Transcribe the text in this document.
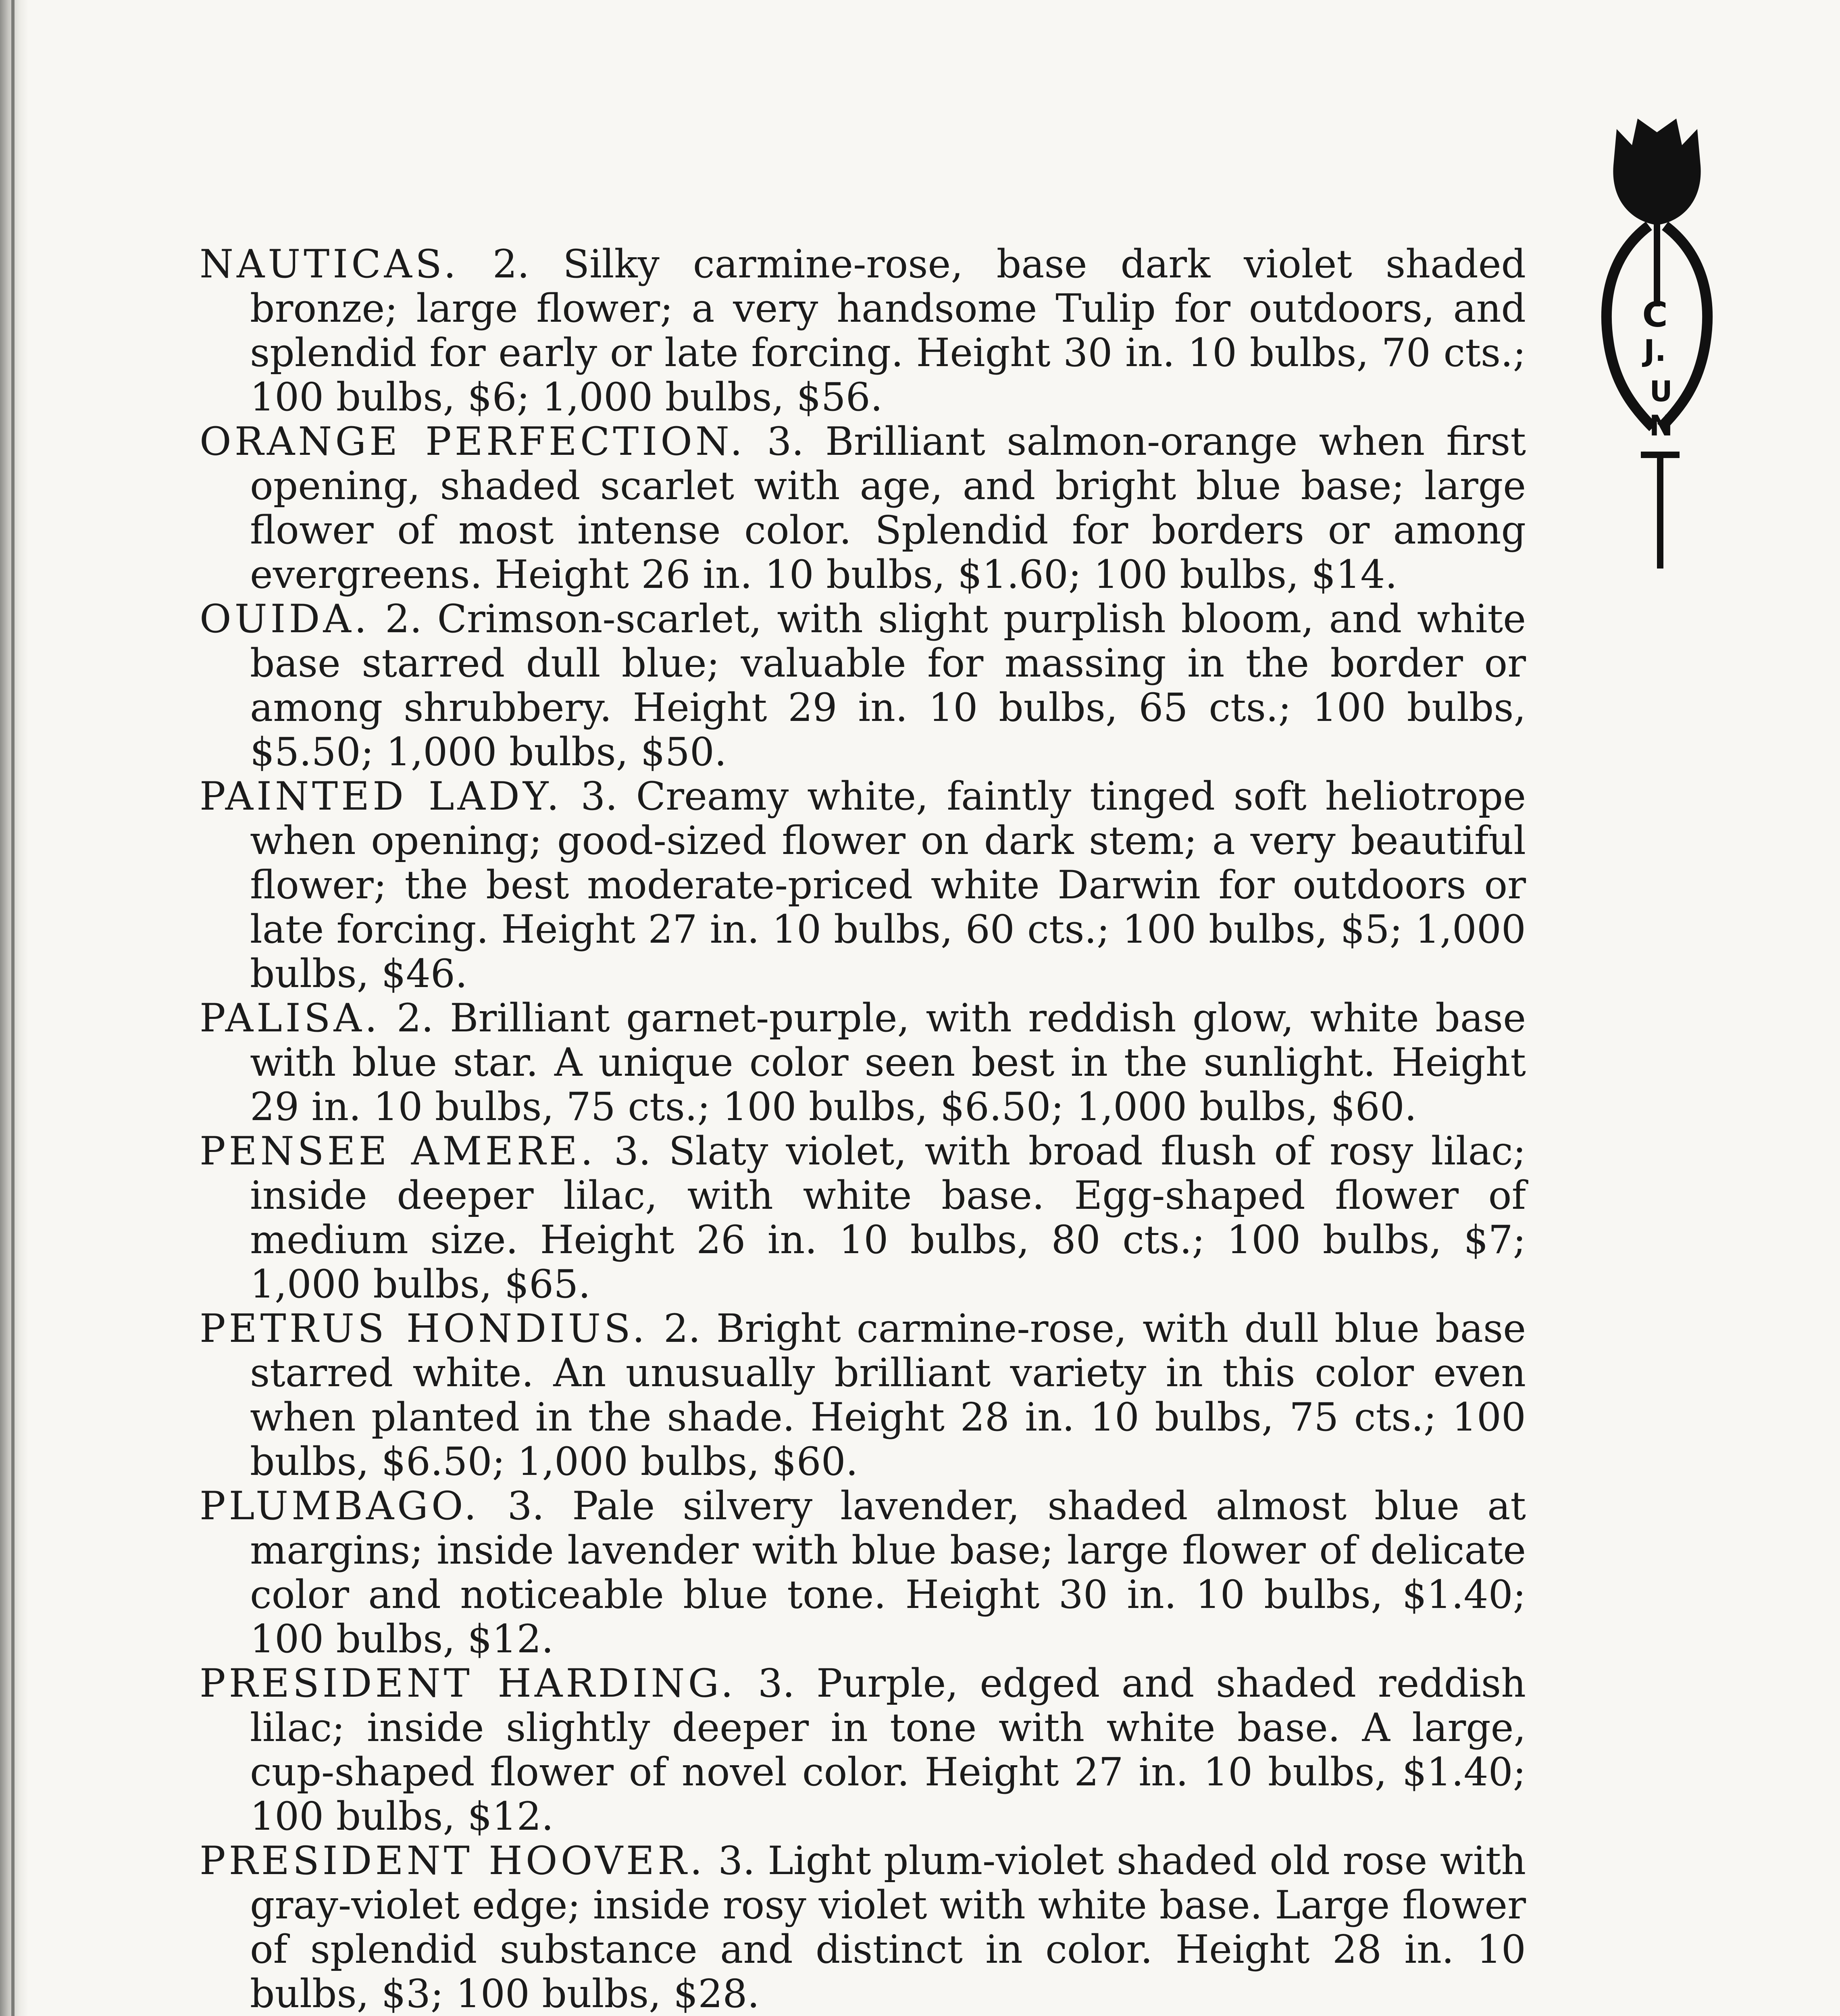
C
J.
U
N

NAUTICAS. 2. Silky carmine-rose, base dark violet shaded bronze; large flower; a very handsome Tulip for outdoors, and splendid for early or late forcing. Height 30 in. 10 bulbs, 70 cts.; 100 bulbs, $6; 1,000 bulbs, $56.

ORANGE PERFECTION. 3. Brilliant salmon-orange when first opening, shaded scarlet with age, and bright blue base; large flower of most intense color. Splendid for borders or among evergreens. Height 26 in. 10 bulbs, $1.60; 100 bulbs, $14.

OUIDA. 2. Crimson-scarlet, with slight purplish bloom, and white base starred dull blue; valuable for massing in the border or among shrubbery. Height 29 in. 10 bulbs, 65 cts.; 100 bulbs, $5.50; 1,000 bulbs, $50.

PAINTED LADY. 3. Creamy white, faintly tinged soft heliotrope when opening; good-sized flower on dark stem; a very beautiful flower; the best moderate-priced white Darwin for outdoors or late forcing. Height 27 in. 10 bulbs, 60 cts.; 100 bulbs, $5; 1,000 bulbs, $46.

PALISA. 2. Brilliant garnet-purple, with reddish glow, white base with blue star. A unique color seen best in the sunlight. Height 29 in. 10 bulbs, 75 cts.; 100 bulbs, $6.50; 1,000 bulbs, $60.

PENSEE AMERE. 3. Slaty violet, with broad flush of rosy lilac; inside deeper lilac, with white base. Egg-shaped flower of medium size. Height 26 in. 10 bulbs, 80 cts.; 100 bulbs, $7; 1,000 bulbs, $65.

PETRUS HONDIUS. 2. Bright carmine-rose, with dull blue base starred white. An unusually brilliant variety in this color even when planted in the shade. Height 28 in. 10 bulbs, 75 cts.; 100 bulbs, $6.50; 1,000 bulbs, $60.

PLUMBAGO. 3. Pale silvery lavender, shaded almost blue at margins; inside lavender with blue base; large flower of delicate color and noticeable blue tone. Height 30 in. 10 bulbs, $1.40; 100 bulbs, $12.

PRESIDENT HARDING. 3. Purple, edged and shaded reddish lilac; inside slightly deeper in tone with white base. A large, cup-shaped flower of novel color. Height 27 in. 10 bulbs, $1.40; 100 bulbs, $12.

PRESIDENT HOOVER. 3. Light plum-violet shaded old rose with gray-violet edge; inside rosy violet with white base. Large flower of splendid substance and distinct in color. Height 28 in. 10 bulbs, $3; 100 bulbs, $28.
